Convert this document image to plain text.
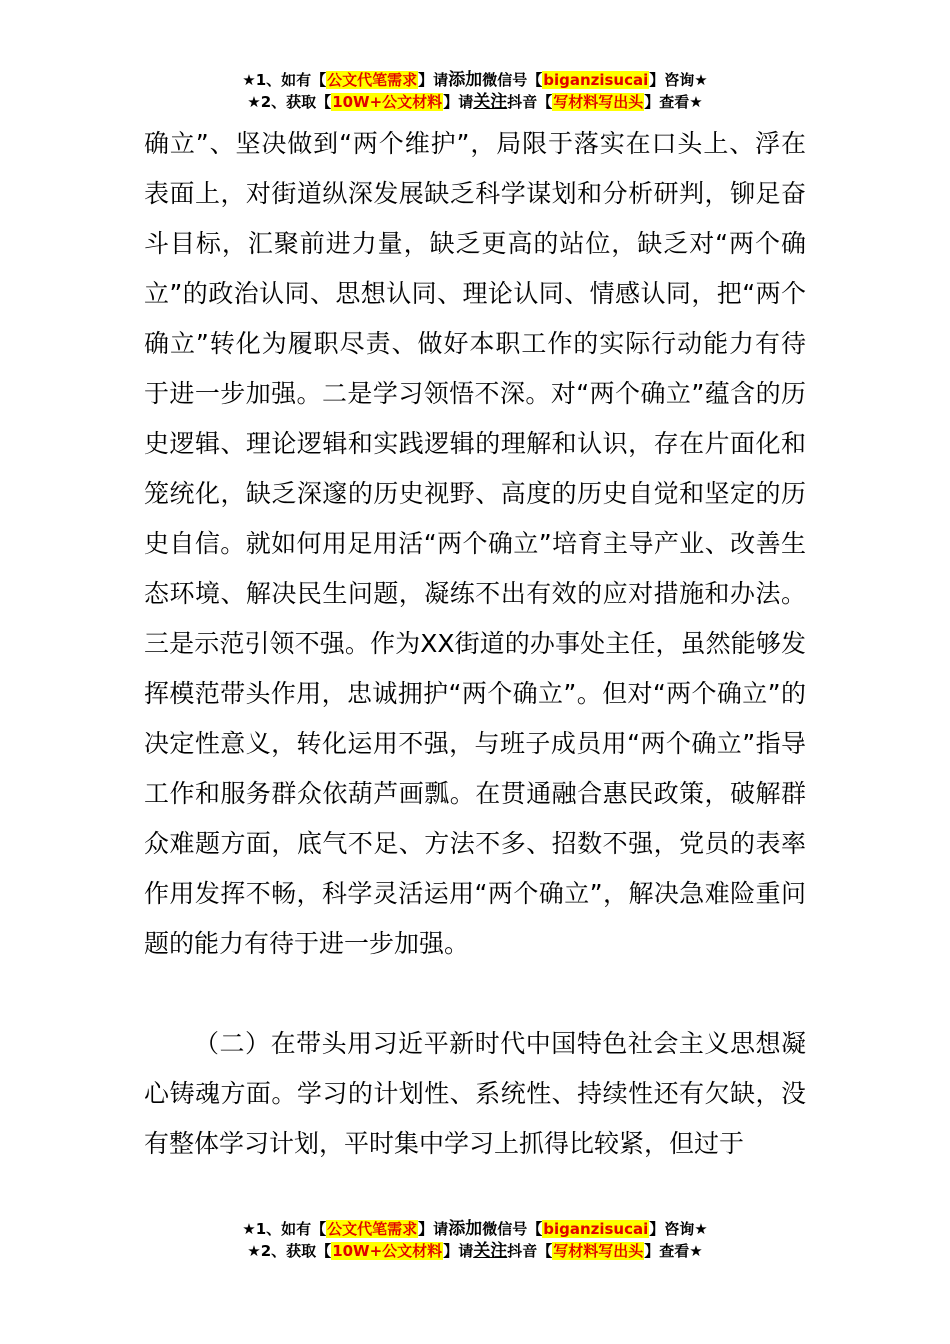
★1、如有【公文代笔需求】请添加微信号【biganzisucai】咨询★
★2、获取【10W+公文材料】请关注抖音【写材料写出头】查看★

确立”、坚决做到“两个维护”，局限于落实在口头上、浮在表面上，对街道纵深发展缺乏科学谋划和分析研判，铆足奋斗目标，汇聚前进力量，缺乏更高的站位，缺乏对“两个确立”的政治认同、思想认同、理论认同、情感认同，把“两个确立”转化为履职尽责、做好本职工作的实际行动能力有待于进一步加强。二是学习领悟不深。对“两个确立”蕴含的历史逻辑、理论逻辑和实践逻辑的理解和认识，存在片面化和笼统化，缺乏深邃的历史视野、高度的历史自觉和坚定的历史自信。就如何用足用活“两个确立”培育主导产业、改善生态环境、解决民生问题，凝练不出有效的应对措施和办法。三是示范引领不强。作为XX街道的办事处主任，虽然能够发挥模范带头作用，忠诚拥护“两个确立”。但对“两个确立”的决定性意义，转化运用不强，与班子成员用“两个确立”指导工作和服务群众依葫芦画瓢。在贯通融合惠民政策，破解群众难题方面，底气不足、方法不多、招数不强，党员的表率作用发挥不畅，科学灵活运用“两个确立”，解决急难险重问题的能力有待于进一步加强。

（二）在带头用习近平新时代中国特色社会主义思想凝心铸魂方面。学习的计划性、系统性、持续性还有欠缺，没有整体学习计划，平时集中学习上抓得比较紧，但过于

★1、如有【公文代笔需求】请添加微信号【biganzisucai】咨询★
★2、获取【10W+公文材料】请关注抖音【写材料写出头】查看★
